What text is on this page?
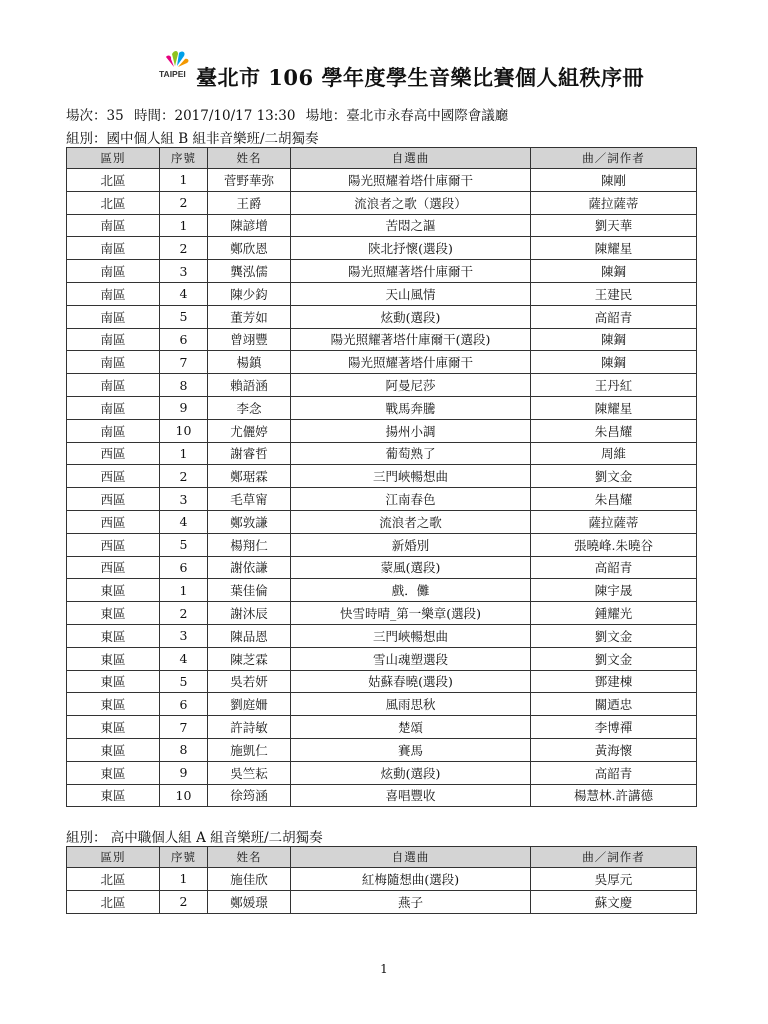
TAIPEI 臺北市 106 學年度學生音樂比賽個人組秩序冊
場次：35 時間：2017/10/17 13:30 場地：臺北市永春高中國際會議廳
組別：國中個人組 B 組非音樂班/二胡獨奏
區別	序號	姓名	自選曲	曲／詞作者
北區	1	菅野華弥	陽光照耀着塔什庫爾干	陳剛
北區	2	王爵	流浪者之歌（選段）	薩拉薩蒂
南區	1	陳諺增	苦悶之謳	劉天華
南區	2	鄭欣恩	陝北抒懷(選段)	陳耀星
南區	3	龔泓儒	陽光照耀著塔什庫爾干	陳鋼
南區	4	陳少鈞	天山風情	王建民
南區	5	董芳如	炫動(選段)	高韶青
南區	6	曾翊豐	陽光照耀著塔什庫爾干(選段)	陳鋼
南區	7	楊鎮	陽光照耀著塔什庫爾干	陳鋼
南區	8	賴語涵	阿曼尼莎	王丹紅
南區	9	李念	戰馬奔騰	陳耀星
南區	10	尤儷婷	揚州小調	朱昌耀
西區	1	謝睿哲	葡萄熟了	周維
西區	2	鄭琚霖	三門峽暢想曲	劉文金
西區	3	毛草甯	江南春色	朱昌耀
西區	4	鄭敦謙	流浪者之歌	薩拉薩蒂
西區	5	楊翔仁	新婚別	張曉峰.朱曉谷
西區	6	謝依謙	蒙風(選段)	高韶青
東區	1	葉佳倫	戲．儺	陳宇晟
東區	2	謝沐辰	快雪時晴_第一樂章(選段)	鍾耀光
東區	3	陳品恩	三門峽暢想曲	劉文金
東區	4	陳芝霖	雪山魂塑選段	劉文金
東區	5	吳若妍	姑蘇春曉(選段)	鄧建棟
東區	6	劉庭姍	風雨思秋	關迺忠
東區	7	許詩敏	楚頌	李博禪
東區	8	施凱仁	賽馬	黃海懷
東區	9	吳竺耘	炫動(選段)	高韶青
東區	10	徐筠涵	喜唱豐收	楊慧林.許講德
組別： 高中職個人組 A 組音樂班/二胡獨奏
區別	序號	姓名	自選曲	曲／詞作者
北區	1	施佳欣	紅梅隨想曲(選段)	吳厚元
北區	2	鄭媛璟	燕子	蘇文慶
1
